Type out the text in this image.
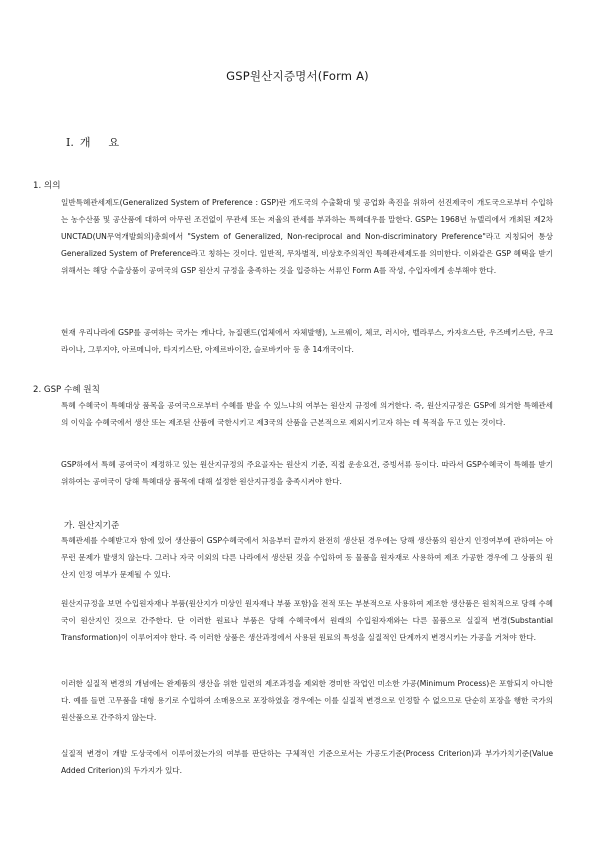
GSP원산지증명서(Form A)
I. 개 요
1. 의의
일반특혜관세제도(Generalized System of Preference : GSP)란 개도국의 수출확대 및 공업화 촉진을 위하여 선진제국이 개도국으로부터 수입하는 농수산품 및 공산품에 대하여 아무런 조건없이 무관세 또는 저율의 관세를 부과하는 특혜대우를 말한다. GSP는 1968년 뉴델리에서 개최된 제2차 UNCTAD(UN무역개발회의)총회에서 "System of Generalized, Non-reciprocal and Non-discriminatory Preference"라고 지칭되어 통상 Generalized System of Preference라고 칭하는 것이다. 일반적, 무차별적, 비상호주의적인 특혜관세제도를 의미한다. 이와같은 GSP 혜택을 받기 위해서는 해당 수출상품이 공여국의 GSP 원산지 규정을 충족하는 것을 입증하는 서류인 Form A를 작성, 수입자에게 송부해야 한다.
현재 우리나라에 GSP를 공여하는 국가는 캐나다, 뉴질랜드(업체에서 자체발행), 노르웨이, 체코, 러시아, 벨라루스, 카자흐스탄, 우즈베키스탄, 우크라이나, 그루지야, 아르메니아, 타지키스탄, 아제르바이잔, 슬로바키아 등 총 14개국이다.
2. GSP 수혜 원칙
특혜 수혜국이 특혜대상 품목을 공여국으로부터 수혜를 받을 수 있느냐의 여부는 원산지 규정에 의거한다. 즉, 원산지규정은 GSP에 의거한 특혜관세의 이익을 수혜국에서 생산 또는 제조된 산품에 국한시키고 제3국의 산품을 근본적으로 제외시키고자 하는 데 목적을 두고 있는 것이다.
GSP하에서 특혜 공여국이 제정하고 있는 원산지규정의 주요골자는 원산지 기준, 직접 운송요건, 증빙서류 등이다. 따라서 GSP수혜국이 특혜를 받기 위하여는 공여국이 당해 특혜대상 품목에 대해 설정한 원산지규정을 충족시켜야 한다.
가. 원산지기준
특혜관세를 수혜받고자 함에 있어 생산품이 GSP수혜국에서 처음부터 끝까지 완전히 생산된 경우에는 당해 생산품의 원산지 인정여부에 관하여는 아무런 문제가 발생치 않는다. 그러나 자국 이외의 다른 나라에서 생산된 것을 수입하여 동 물품을 원자재로 사용하여 제조 가공한 경우에 그 상품의 원산지 인정 여부가 문제될 수 있다.
원산지규정을 보면 수입원자재나 부품(원산지가 미상인 원자재나 부품 포함)을 전적 또는 부분적으로 사용하여 제조한 생산품은 원칙적으로 당해 수혜국이 원산지인 것으로 간주한다. 단 이러한 원료나 부품은 당해 수혜국에서 원래의 수입원자재와는 다른 물품으로 실질적 변경(Substantial Transformation)이 이루어져야 한다. 즉 이러한 상품은 생산과정에서 사용된 원료의 특성을 실질적인 단계까지 변경시키는 가공을 거쳐야 한다.
이러한 실질적 변경의 개념에는 완제품의 생산을 위한 일련의 제조과정을 제외한 경미한 작업인 미소한 가공(Minimum Process)은 포함되지 아니한다. 예를 들면 고무품을 대형 용기로 수입하여 소매용으로 포장하였을 경우에는 이를 실질적 변경으로 인정할 수 없으므로 단순히 포장을 행한 국가의 원산품으로 간주하지 않는다.
실질적 변경이 개발 도상국에서 이루어졌는가의 여부를 판단하는 구체적인 기준으로서는 가공도기준(Process Criterion)과 부가가치기준(Value Added Criterion)의 두가지가 있다.
